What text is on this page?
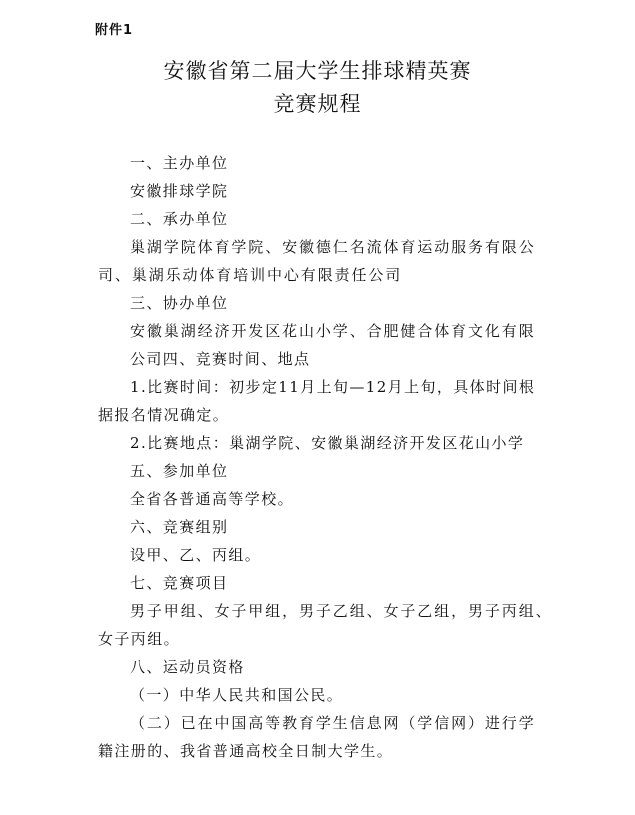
附件1
安徽省第二届大学生排球精英赛
竞赛规程
一、主办单位
安徽排球学院
二、承办单位
巢湖学院体育学院、安徽德仁名流体育运动服务有限公
司、巢湖乐动体育培训中心有限责任公司
三、协办单位
安徽巢湖经济开发区花山小学、合肥健合体育文化有限
公司四、竞赛时间、地点
1.比赛时间：初步定11月上旬—12月上旬，具体时间根
据报名情况确定。
2.比赛地点：巢湖学院、安徽巢湖经济开发区花山小学
五、参加单位
全省各普通高等学校。
六、竞赛组别
设甲、乙、丙组。
七、竞赛项目
男子甲组、女子甲组，男子乙组、女子乙组，男子丙组、
女子丙组。
八、运动员资格
（一）中华人民共和国公民。
（二）已在中国高等教育学生信息网（学信网）进行学
籍注册的、我省普通高校全日制大学生。
